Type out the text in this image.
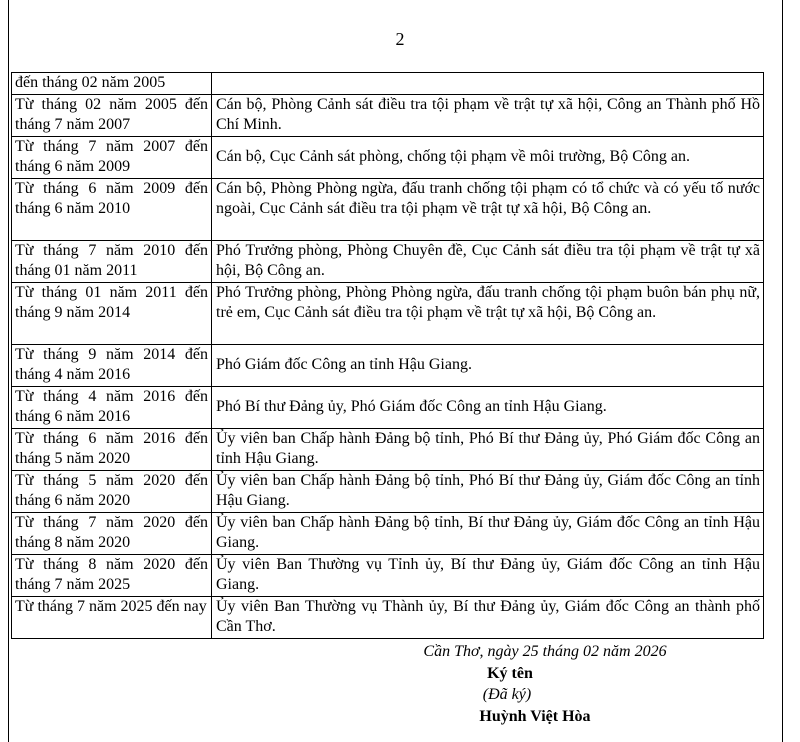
2
đến tháng 02 năm 2005	
Từ tháng 02 năm 2005 đến tháng 7 năm 2007	Cán bộ, Phòng Cảnh sát điều tra tội phạm về trật tự xã hội, Công an Thành phố Hồ Chí Minh.
Từ tháng 7 năm 2007 đến tháng 6 năm 2009	Cán bộ, Cục Cảnh sát phòng, chống tội phạm về môi trường, Bộ Công an.
Từ tháng 6 năm 2009 đến tháng 6 năm 2010	Cán bộ, Phòng Phòng ngừa, đấu tranh chống tội phạm có tổ chức và có yếu tố nước ngoài, Cục Cảnh sát điều tra tội phạm về trật tự xã hội, Bộ Công an.
Từ tháng 7 năm 2010 đến tháng 01 năm 2011	Phó Trưởng phòng, Phòng Chuyên đề, Cục Cảnh sát điều tra tội phạm về trật tự xã hội, Bộ Công an.
Từ tháng 01 năm 2011 đến tháng 9 năm 2014	Phó Trưởng phòng, Phòng Phòng ngừa, đấu tranh chống tội phạm buôn bán phụ nữ, trẻ em, Cục Cảnh sát điều tra tội phạm về trật tự xã hội, Bộ Công an.
Từ tháng 9 năm 2014 đến tháng 4 năm 2016	Phó Giám đốc Công an tỉnh Hậu Giang.
Từ tháng 4 năm 2016 đến tháng 6 năm 2016	Phó Bí thư Đảng ủy, Phó Giám đốc Công an tỉnh Hậu Giang.
Từ tháng 6 năm 2016 đến tháng 5 năm 2020	Ủy viên ban Chấp hành Đảng bộ tỉnh, Phó Bí thư Đảng ủy, Phó Giám đốc Công an tỉnh Hậu Giang.
Từ tháng 5 năm 2020 đến tháng 6 năm 2020	Ủy viên ban Chấp hành Đảng bộ tỉnh, Phó Bí thư Đảng ủy, Giám đốc Công an tỉnh Hậu Giang.
Từ tháng 7 năm 2020 đến tháng 8 năm 2020	Ủy viên ban Chấp hành Đảng bộ tỉnh, Bí thư Đảng ủy, Giám đốc Công an tỉnh Hậu Giang.
Từ tháng 8 năm 2020 đến tháng 7 năm 2025	Ủy viên Ban Thường vụ Tỉnh ủy, Bí thư Đảng ủy, Giám đốc Công an tỉnh Hậu Giang.
Từ tháng 7 năm 2025 đến nay	Ủy viên Ban Thường vụ Thành ủy, Bí thư Đảng ủy, Giám đốc Công an thành phố Cần Thơ.
Cần Thơ, ngày 25 tháng 02 năm 2026
Ký tên
(Đã ký)
Huỳnh Việt Hòa
